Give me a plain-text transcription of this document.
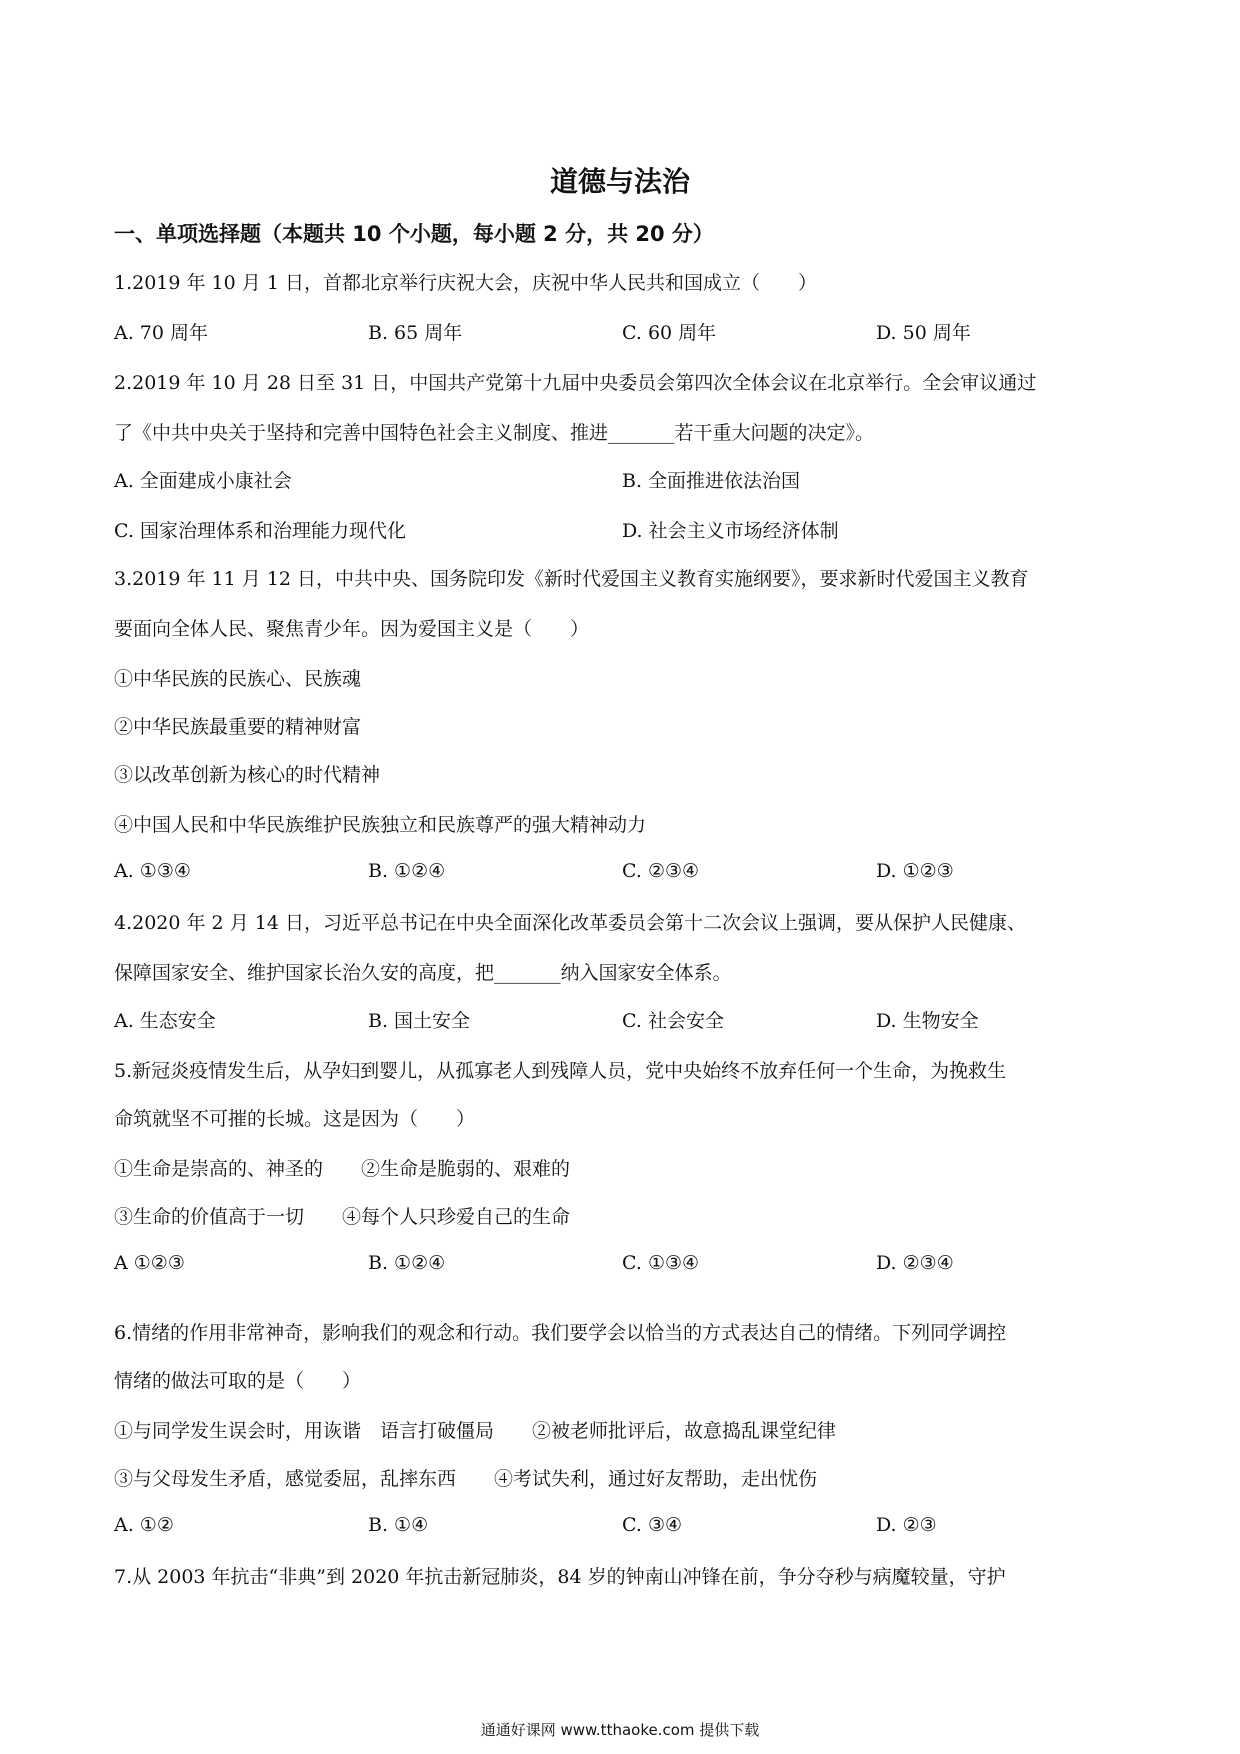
道德与法治
一、单项选择题（本题共 10 个小题，每小题 2 分，共 20 分）
1.2019 年 10 月 1 日，首都北京举行庆祝大会，庆祝中华人民共和国成立（　　）
A. 70 周年	B. 65 周年	C. 60 周年	D. 50 周年
2.2019 年 10 月 28 日至 31 日，中国共产党第十九届中央委员会第四次全体会议在北京举行。全会审议通过
了《中共中央关于坚持和完善中国特色社会主义制度、推进_______若干重大问题的决定》。
A. 全面建成小康社会	B. 全面推进依法治国
C. 国家治理体系和治理能力现代化	D. 社会主义市场经济体制
3.2019 年 11 月 12 日，中共中央、国务院印发《新时代爱国主义教育实施纲要》，要求新时代爱国主义教育
要面向全体人民、聚焦青少年。因为爱国主义是（　　）
①中华民族的民族心、民族魂
②中华民族最重要的精神财富
③以改革创新为核心的时代精神
④中国人民和中华民族维护民族独立和民族尊严的强大精神动力
A. ①③④	B. ①②④	C. ②③④	D. ①②③
4.2020 年 2 月 14 日，习近平总书记在中央全面深化改革委员会第十二次会议上强调，要从保护人民健康、
保障国家安全、维护国家长治久安的高度，把_______纳入国家安全体系。
A. 生态安全	B. 国土安全	C. 社会安全	D. 生物安全
5.新冠炎疫情发生后，从孕妇到婴儿，从孤寡老人到残障人员，党中央始终不放弃任何一个生命，为挽救生
命筑就坚不可摧的长城。这是因为（　　）
①生命是崇高的、神圣的　　②生命是脆弱的、艰难的
③生命的价值高于一切　　④每个人只珍爱自己的生命
A ①②③	B. ①②④	C. ①③④	D. ②③④
6.情绪的作用非常神奇，影响我们的观念和行动。我们要学会以恰当的方式表达自己的情绪。下列同学调控
情绪的做法可取的是（　　）
①与同学发生误会时，用诙谐　语言打破僵局　　②被老师批评后，故意捣乱课堂纪律
③与父母发生矛盾，感觉委屈，乱摔东西　　④考试失利，通过好友帮助，走出忧伤
A. ①②	B. ①④	C. ③④	D. ②③
7.从 2003 年抗击“非典”到 2020 年抗击新冠肺炎，84 岁的钟南山冲锋在前，争分夺秒与病魔较量，守护
通通好课网 www.tthaoke.com 提供下载
